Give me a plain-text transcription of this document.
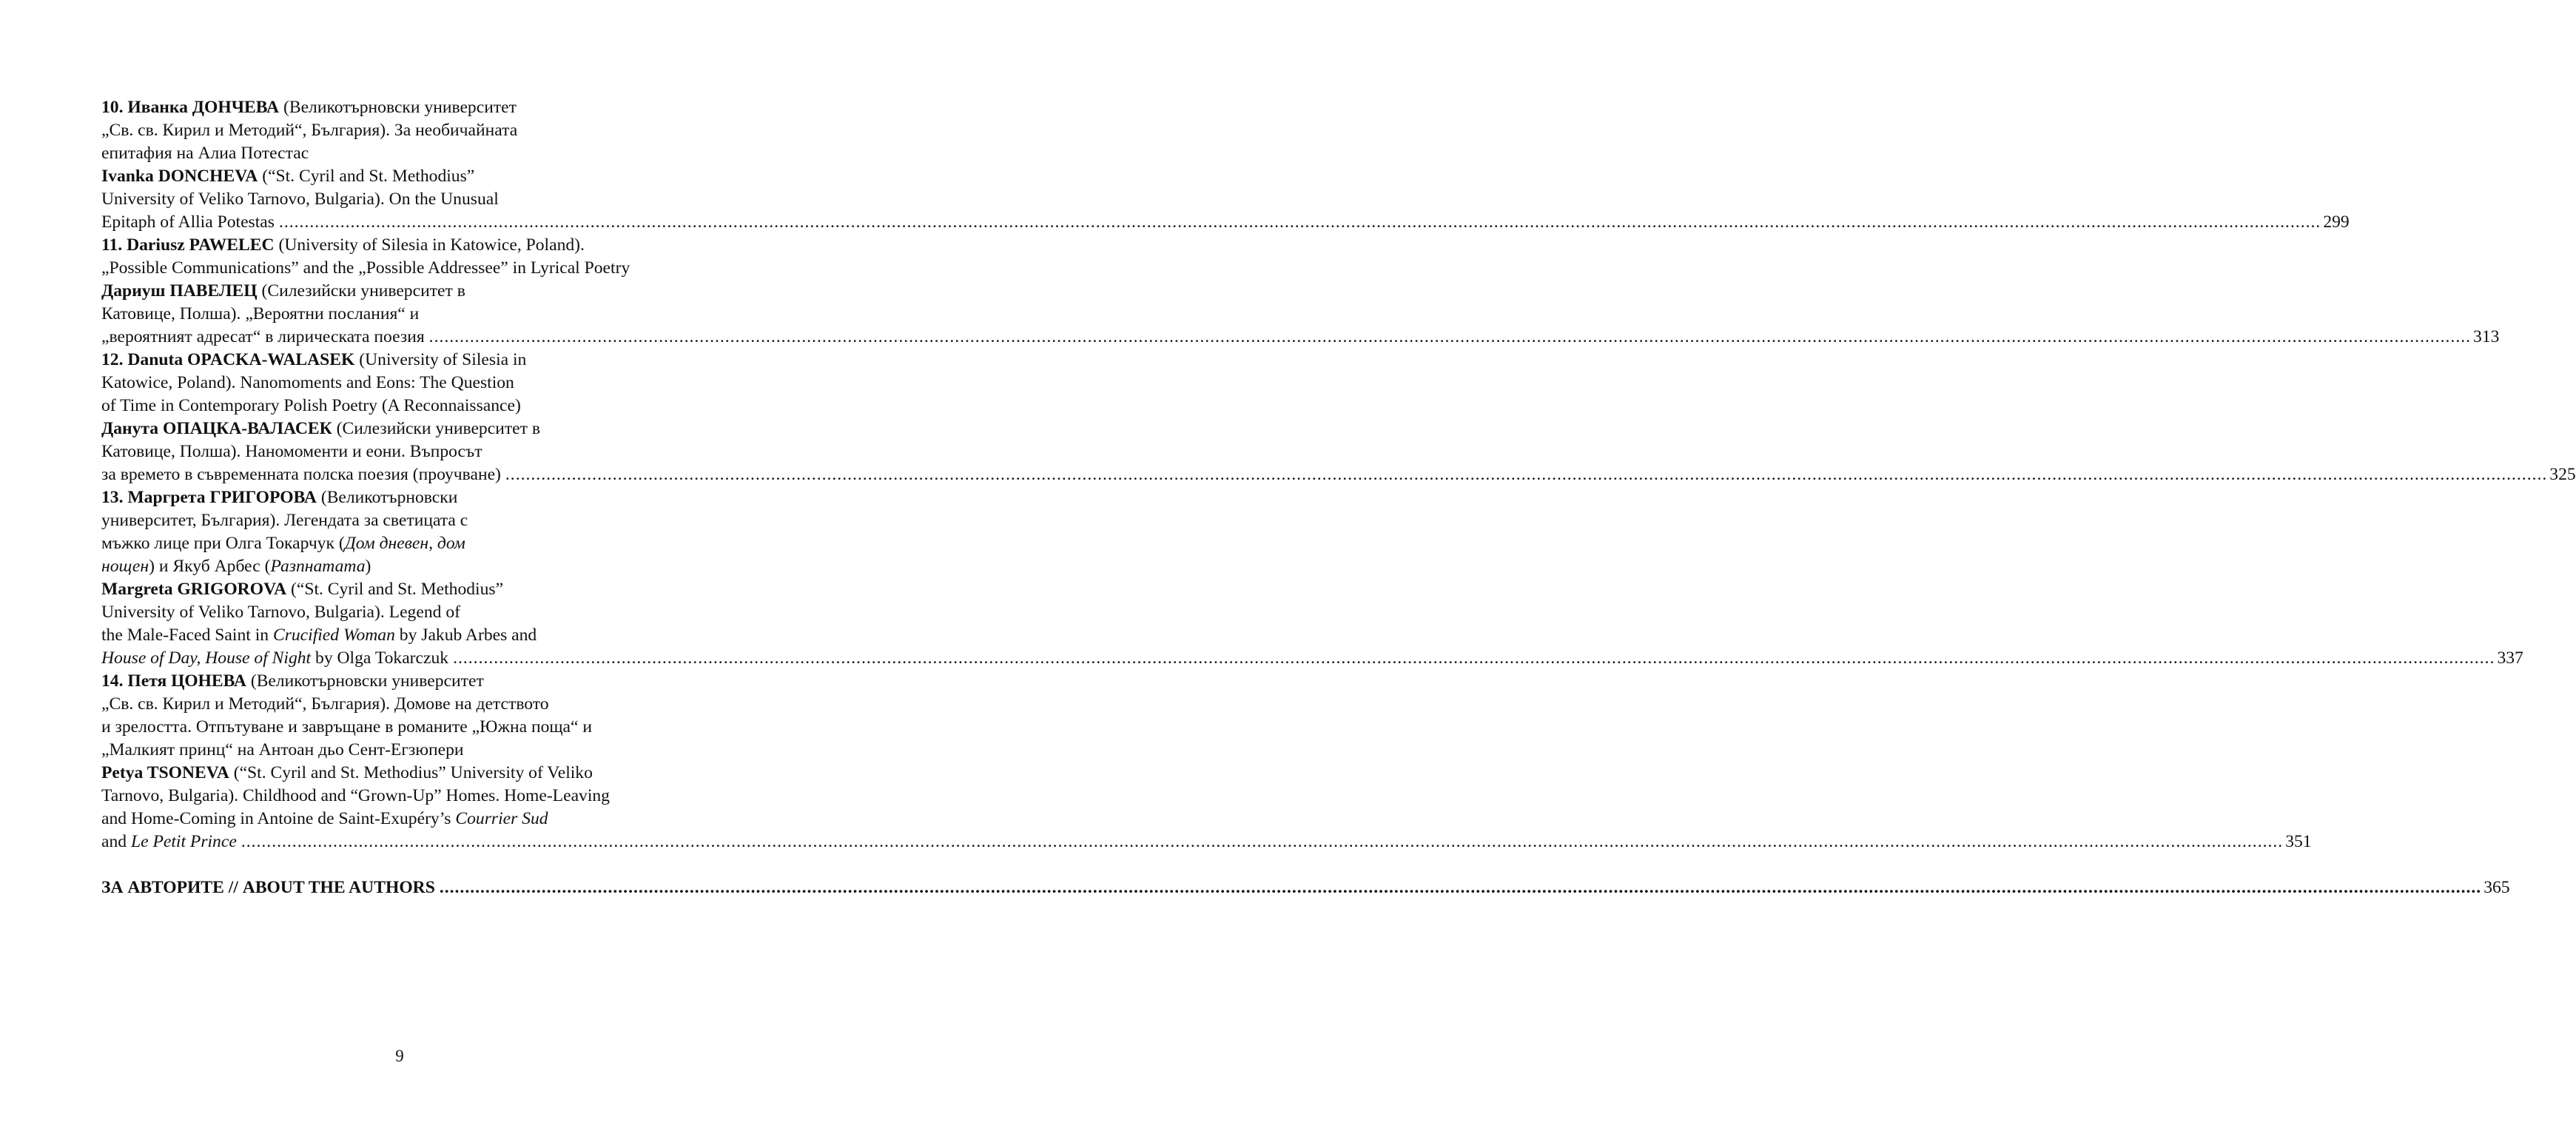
10. Иванка ДОНЧЕВА (Великотърновски университет
„Св. св. Кирил и Методий“, България). За необичайната
епитафия на Алиа Потестас
Ivanka DONCHEVA (“St. Cyril and St. Methodius”
University of Veliko Tarnovo, Bulgaria). On the Unusual
Epitaph of Allia Potestas ................................................................................................................................................................................................................................................................................................................................................................................................................ 299
11. Dariusz PAWELEC (University of Silesia in Katowice, Poland).
„Possible Communications” and the „Possible Addressee” in Lyrical Poetry
Дариуш ПАВЕЛЕЦ (Силезийски университет в
Катовице, Полша). „Вероятни послания“ и
„вероятният адресат“ в лирическата поезия ................................................................................................................................................................................................................................................................................................................................................................................................................ 313
12. Danuta OPACKA-WALASEK (University of Silesia in
Katowice, Poland). Nanomoments and Eons: The Question
of Time in Contemporary Polish Poetry (A Reconnaissance)
Данута ОПАЦКА-ВАЛАСЕК (Силезийски университет в
Катовице, Полша). Наномоменти и еони. Въпросът
за времето в съвременната полска поезия (проучване) ................................................................................................................................................................................................................................................................................................................................................................................................................ 325
13. Маргрета ГРИГОРОВА (Великотърновски
университет, България). Легендата за светицата с
мъжко лице при Олга Токарчук (Дом дневен, дом
нощен) и Якуб Арбес (Разпнатата)
Margreta GRIGOROVA (“St. Cyril and St. Methodius”
University of Veliko Tarnovo, Bulgaria). Legend of
the Male-Faced Saint in Crucified Woman by Jakub Arbes and
House of Day, House of Night by Olga Tokarczuk ................................................................................................................................................................................................................................................................................................................................................................................................................ 337
14. Петя ЦОНЕВА (Великотърновски университет
„Св. св. Кирил и Методий“, България). Домове на детството
и зрелостта. Отпътуване и завръщане в романите „Южна поща“ и
„Малкият принц“ на Антоан дьо Сент-Егзюпери
Petya TSONEVA (“St. Cyril and St. Methodius” University of Veliko
Tarnovo, Bulgaria). Childhood and “Grown-Up” Homes. Home-Leaving
and Home-Coming in Antoine de Saint-Exupéry’s Courrier Sud
and Le Petit Prince ................................................................................................................................................................................................................................................................................................................................................................................................................ 351
ЗА АВТОРИТЕ // ABOUT THE AUTHORS ................................................................................................................................................................................................................................................................................................................................................................................................................ 365
9
